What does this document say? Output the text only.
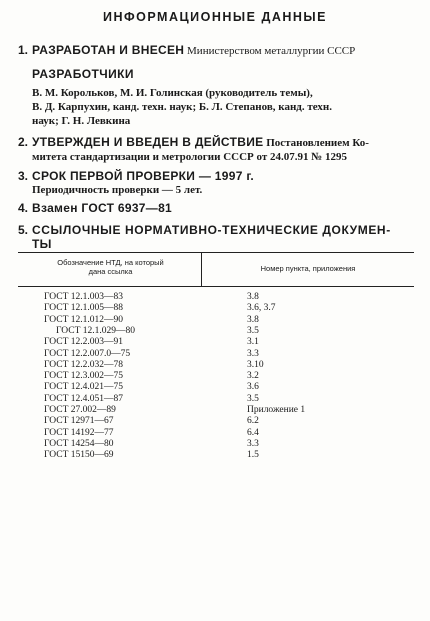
ИНФОРМАЦИОННЫЕ ДАННЫЕ
1. РАЗРАБОТАН И ВНЕСЕН Министерством металлургии СССР
РАЗРАБОТЧИКИ
В. М. Корольков, М. И. Голинская (руководитель темы),
В. Д. Карпухин, канд. техн. наук; Б. Л. Степанов, канд. техн.
наук; Г. Н. Левкина
2. УТВЕРЖДЕН И ВВЕДЕН В ДЕЙСТВИЕ Постановлением Ко-
митета стандартизации и метрологии СССР от 24.07.91 № 1295
3. СРОК ПЕРВОЙ ПРОВЕРКИ — 1997 г.
Периодичность проверки — 5 лет.
4. Взамен ГОСТ 6937—81
5. ССЫЛОЧНЫЕ НОРМАТИВНО-ТЕХНИЧЕСКИЕ ДОКУМЕН-
ТЫ
Обозначение НТД, на который
дана ссылка	Номер пункта, приложения
ГОСТ 12.1.003—83	3.8
ГОСТ 12.1.005—88	3.6, 3.7
ГОСТ 12.1.012—90	3.8
ГОСТ 12.1.029—80	3.5
ГОСТ 12.2.003—91	3.1
ГОСТ 12.2.007.0—75	3.3
ГОСТ 12.2.032—78	3.10
ГОСТ 12.3.002—75	3.2
ГОСТ 12.4.021—75	3.6
ГОСТ 12.4.051—87	3.5
ГОСТ 27.002—89	Приложение 1
ГОСТ 12971—67	6.2
ГОСТ 14192—77	6.4
ГОСТ 14254—80	3.3
ГОСТ 15150—69	1.5
